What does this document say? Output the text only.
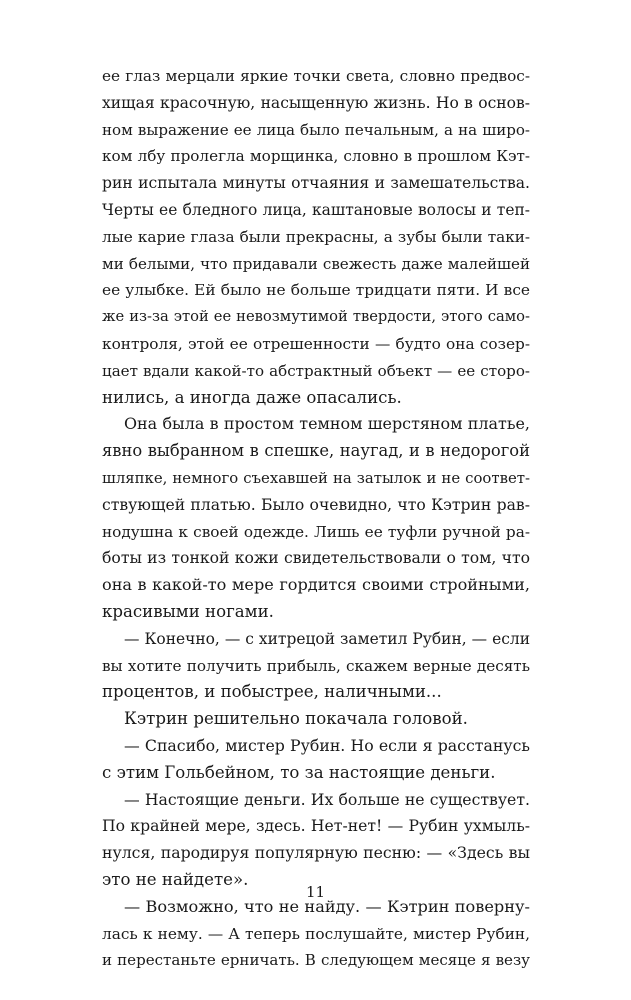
ее глаз мерцали яркие точки света, словно предвос-
хищая красочную, насыщенную жизнь. Но в основ-
ном выражение ее лица было печальным, а на широ-
ком лбу пролегла морщинка, словно в прошлом Кэт-
рин испытала минуты отчаяния и замешательства.
Черты ее бледного лица, каштановые волосы и теп-
лые карие глаза были прекрасны, а зубы были таки-
ми белыми, что придавали свежесть даже малейшей
ее улыбке. Ей было не больше тридцати пяти. И все
же из-за этой ее невозмутимой твердости, этого само-
контроля, этой ее отрешенности — будто она созер-
цает вдали какой-то абстрактный объект — ее сторо-
нились, а иногда даже опасались.
Она была в простом темном шерстяном платье,
явно выбранном в спешке, наугад, и в недорогой
шляпке, немного съехавшей на затылок и не соответ-
ствующей платью. Было очевидно, что Кэтрин рав-
нодушна к своей одежде. Лишь ее туфли ручной ра-
боты из тонкой кожи свидетельствовали о том, что
она в какой-то мере гордится своими стройными,
красивыми ногами.
— Конечно, — с хитрецой заметил Рубин, — если
вы хотите получить прибыль, скажем верные десять
процентов, и побыстрее, наличными...
Кэтрин решительно покачала головой.
— Спасибо, мистер Рубин. Но если я расстанусь
с этим Гольбейном, то за настоящие деньги.
— Настоящие деньги. Их больше не существует.
По крайней мере, здесь. Нет-нет! — Рубин ухмыль-
нулся, пародируя популярную песню: — «Здесь вы
это не найдете».
— Возможно, что не найду. — Кэтрин поверну-
лась к нему. — А теперь послушайте, мистер Рубин,
и перестаньте ерничать. В следующем месяце я везу
11
